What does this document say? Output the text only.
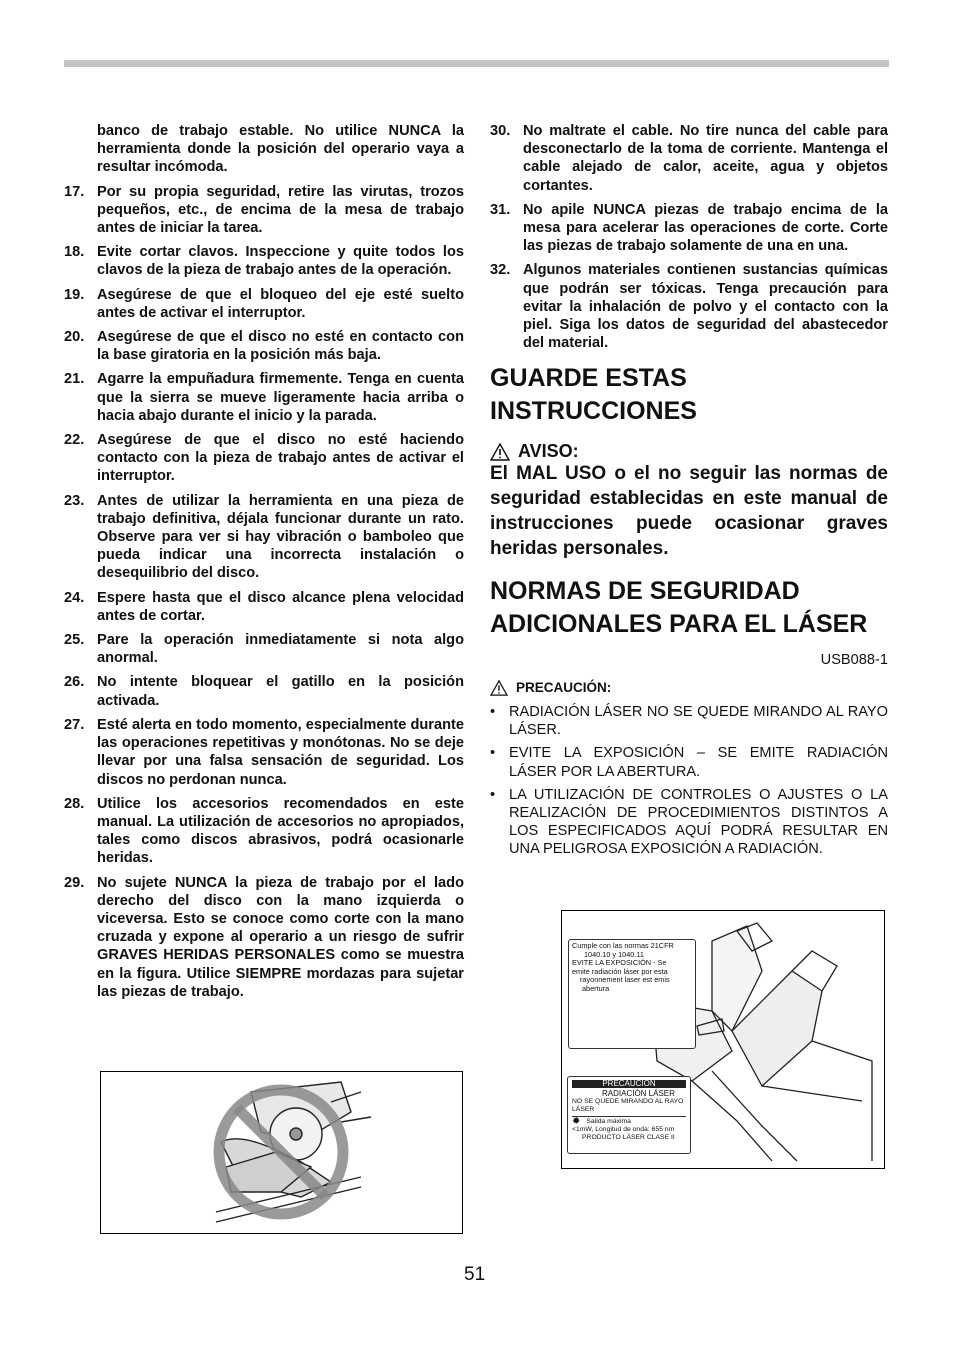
banco de trabajo estable. No utilice NUNCA la herramienta donde la posición del operario vaya a resultar incómoda.
17. Por su propia seguridad, retire las virutas, trozos pequeños, etc., de encima de la mesa de trabajo antes de iniciar la tarea.
18. Evite cortar clavos. Inspeccione y quite todos los clavos de la pieza de trabajo antes de la operación.
19. Asegúrese de que el bloqueo del eje esté suelto antes de activar el interruptor.
20. Asegúrese de que el disco no esté en contacto con la base giratoria en la posición más baja.
21. Agarre la empuñadura firmemente. Tenga en cuenta que la sierra se mueve ligeramente hacia arriba o hacia abajo durante el inicio y la parada.
22. Asegúrese de que el disco no esté haciendo contacto con la pieza de trabajo antes de activar el interruptor.
23. Antes de utilizar la herramienta en una pieza de trabajo definitiva, déjala funcionar durante un rato. Observe para ver si hay vibración o bamboleo que pueda indicar una incorrecta instalación o desequilibrio del disco.
24. Espere hasta que el disco alcance plena velocidad antes de cortar.
25. Pare la operación inmediatamente si nota algo anormal.
26. No intente bloquear el gatillo en la posición activada.
27. Esté alerta en todo momento, especialmente durante las operaciones repetitivas y monótonas. No se deje llevar por una falsa sensación de seguridad. Los discos no perdonan nunca.
28. Utilice los accesorios recomendados en este manual. La utilización de accesorios no apropiados, tales como discos abrasivos, podrá ocasionarle heridas.
29. No sujete NUNCA la pieza de trabajo por el lado derecho del disco con la mano izquierda o viceversa. Esto se conoce como corte con la mano cruzada y expone al operario a un riesgo de sufrir GRAVES HERIDAS PERSONALES como se muestra en la figura. Utilice SIEMPRE mordazas para sujetar las piezas de trabajo.
30. No maltrate el cable. No tire nunca del cable para desconectarlo de la toma de corriente. Mantenga el cable alejado de calor, aceite, agua y objetos cortantes.
31. No apile NUNCA piezas de trabajo encima de la mesa para acelerar las operaciones de corte. Corte las piezas de trabajo solamente de una en una.
32. Algunos materiales contienen sustancias químicas que podrán ser tóxicas. Tenga precaución para evitar la inhalación de polvo y el contacto con la piel. Siga los datos de seguridad del abastecedor del material.
GUARDE ESTAS INSTRUCCIONES
AVISO:
El MAL USO o el no seguir las normas de seguridad establecidas en este manual de instrucciones puede ocasionar graves heridas personales.
NORMAS DE SEGURIDAD ADICIONALES PARA EL LÁSER
USB088-1
PRECAUCIÓN:
• RADIACIÓN LÁSER NO SE QUEDE MIRANDO AL RAYO LÁSER.
• EVITE LA EXPOSICIÓN – SE EMITE RADIACIÓN LÁSER POR LA ABERTURA.
• LA UTILIZACIÓN DE CONTROLES O AJUSTES O LA REALIZACIÓN DE PROCEDIMIENTOS DISTINTOS A LOS ESPECIFICADOS AQUÍ PODRÁ RESULTAR EN UNA PELIGROSA EXPOSICIÓN A RADIACIÓN.
Cumple con las normas 21CFR
1040.10 y 1040.11
EVITE LA EXPOSICIÓN - Se
emite radiación láser por esta
rayonnement laser est emis
abertura
PRECAUCIÓN
RADIACIÓN LÁSER
NO SE QUEDE MIRANDO AL RAYO
LÁSER
✹ Salida máxima
<1mW, Longitud de onda: 655 nm
PRODUCTO LÁSER CLASE II
51
